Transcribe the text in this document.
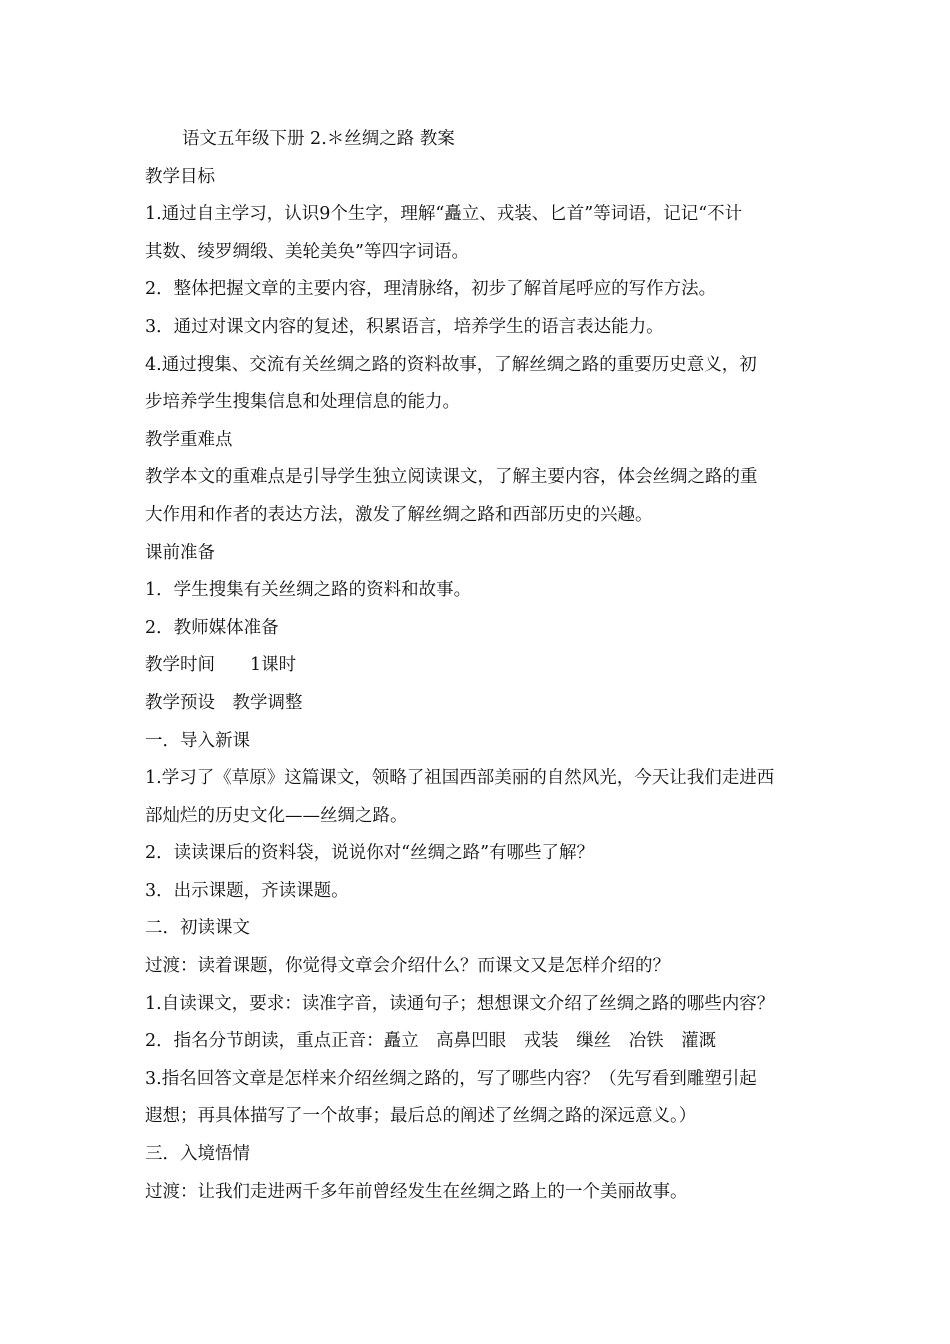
语文五年级下册 2.＊丝绸之路 教案
教学目标
1.通过自主学习，认识9个生字，理解“矗立、戎装、匕首”等词语，记记“不计
其数、绫罗绸缎、美轮美奂”等四字词语。
2．整体把握文章的主要内容，理清脉络，初步了解首尾呼应的写作方法。
3．通过对课文内容的复述，积累语言，培养学生的语言表达能力。
4.通过搜集、交流有关丝绸之路的资料故事，了解丝绸之路的重要历史意义，初
步培养学生搜集信息和处理信息的能力。
教学重难点
教学本文的重难点是引导学生独立阅读课文，了解主要内容，体会丝绸之路的重
大作用和作者的表达方法，激发了解丝绸之路和西部历史的兴趣。
课前准备
1．学生搜集有关丝绸之路的资料和故事。
2．教师媒体准备
教学时间　　1课时
教学预设　教学调整
一．导入新课
1.学习了《草原》这篇课文，领略了祖国西部美丽的自然风光，今天让我们走进西
部灿烂的历史文化——丝绸之路。
2．读读课后的资料袋，说说你对“丝绸之路”有哪些了解？
3．出示课题，齐读课题。
二．初读课文
过渡：读着课题，你觉得文章会介绍什么？而课文又是怎样介绍的？
1.自读课文，要求：读准字音，读通句子；想想课文介绍了丝绸之路的哪些内容？
2．指名分节朗读，重点正音：矗立　高鼻凹眼　戎装　缫丝　冶铁　灌溉
3.指名回答文章是怎样来介绍丝绸之路的，写了哪些内容？（先写看到雕塑引起
遐想；再具体描写了一个故事；最后总的阐述了丝绸之路的深远意义。）
三．入境悟情
过渡：让我们走进两千多年前曾经发生在丝绸之路上的一个美丽故事。
